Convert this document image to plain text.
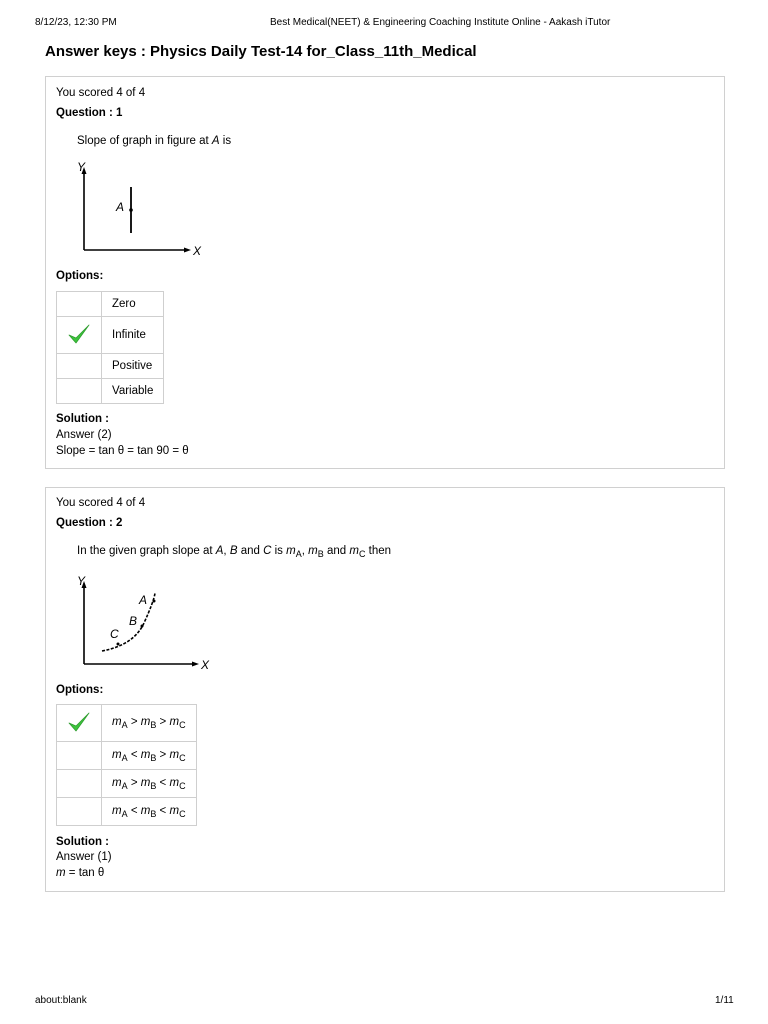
8/12/23, 12:30 PM	Best Medical(NEET) & Engineering Coaching Institute Online - Aakash iTutor
Answer keys : Physics Daily Test-14 for_Class_11th_Medical
You scored 4 of 4
Question : 1
Slope of graph in figure at A is
Y
X
A
Options:
	Zero
	Infinite
	Positive
	Variable
Solution :
Answer (2)
Slope = tan θ = tan 90 = θ
You scored 4 of 4
Question : 2
In the given graph slope at A, B and C is $m_A$, $m_B$ and $m_C$ then
Y
X
A
B
C
Options:
	$m_A > m_B > m_C$
	$m_A < m_B > m_C$
	$m_A > m_B < m_C$
	$m_A < m_B < m_C$
Solution :
Answer (1)
m = tan θ
about:blank	1/11
